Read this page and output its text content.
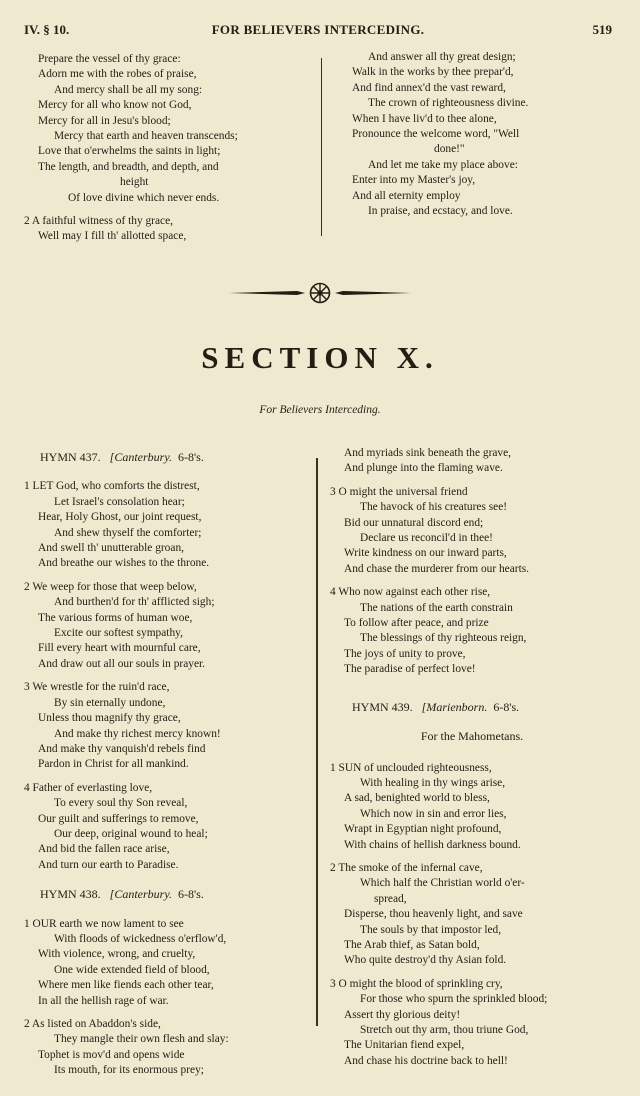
IV. § 10.	FOR BELIEVERS INTERCEDING.	519
Prepare the vessel of thy grace:
Adorn me with the robes of praise,
And mercy shall be all my song:
Mercy for all who know not God,
Mercy for all in Jesu's blood;
Mercy that earth and heaven transcends;
Love that o'erwhelms the saints in light;
The length, and breadth, and depth, and
height
Of love divine which never ends.
2 A faithful witness of thy grace,
Well may I fill th' allotted space,
And answer all thy great design;
Walk in the works by thee prepar'd,
And find annex'd the vast reward,
The crown of righteousness divine.
When I have liv'd to thee alone,
Pronounce the welcome word, "Well
done!"
And let me take my place above:
Enter into my Master's joy,
And all eternity employ
In praise, and ecstacy, and love.
SECTION X.
For Believers Interceding.
HYMN 437. [Canterbury. 6-8's.
1 LET God, who comforts the distrest,
Let Israel's consolation hear;
Hear, Holy Ghost, our joint request,
And shew thyself the comforter;
And swell th' unutterable groan,
And breathe our wishes to the throne.
2 We weep for those that weep below,
And burthen'd for th' afflicted sigh;
The various forms of human woe,
Excite our softest sympathy,
Fill every heart with mournful care,
And draw out all our souls in prayer.
3 We wrestle for the ruin'd race,
By sin eternally undone,
Unless thou magnify thy grace,
And make thy richest mercy known!
And make thy vanquish'd rebels find
Pardon in Christ for all mankind.
4 Father of everlasting love,
To every soul thy Son reveal,
Our guilt and sufferings to remove,
Our deep, original wound to heal;
And bid the fallen race arise,
And turn our earth to Paradise.
HYMN 438. [Canterbury. 6-8's.
1 OUR earth we now lament to see
With floods of wickedness o'erflow'd,
With violence, wrong, and cruelty,
One wide extended field of blood,
Where men like fiends each other tear,
In all the hellish rage of war.
2 As listed on Abaddon's side,
They mangle their own flesh and slay:
Tophet is mov'd and opens wide
Its mouth, for its enormous prey;
And myriads sink beneath the grave,
And plunge into the flaming wave.
3 O might the universal friend
The havock of his creatures see!
Bid our unnatural discord end;
Declare us reconcil'd in thee!
Write kindness on our inward parts,
And chase the murderer from our hearts.
4 Who now against each other rise,
The nations of the earth constrain
To follow after peace, and prize
The blessings of thy righteous reign,
The joys of unity to prove,
The paradise of perfect love!
HYMN 439. [Marienborn. 6-8's.
For the Mahometans.
1 SUN of unclouded righteousness,
With healing in thy wings arise,
A sad, benighted world to bless,
Which now in sin and error lies,
Wrapt in Egyptian night profound,
With chains of hellish darkness bound.
2 The smoke of the infernal cave,
Which half the Christian world o'er-
spread,
Disperse, thou heavenly light, and save
The souls by that impostor led,
The Arab thief, as Satan bold,
Who quite destroy'd thy Asian fold.
3 O might the blood of sprinkling cry,
For those who spurn the sprinkled blood;
Assert thy glorious deity!
Stretch out thy arm, thou triune God,
The Unitarian fiend expel,
And chase his doctrine back to hell!
